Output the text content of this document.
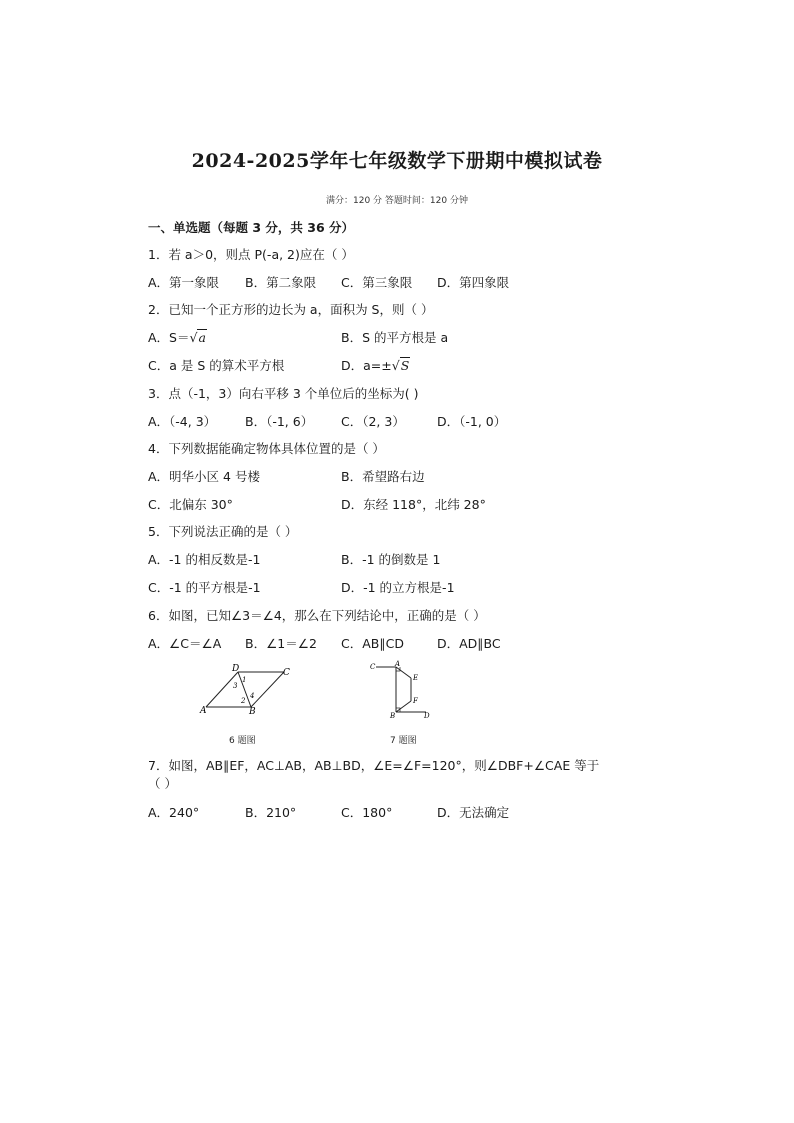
2024-2025学年七年级数学下册期中模拟试卷
满分：120 分 答题时间：120 分钟
一、单选题（每题 3 分，共 36 分）
1．若 a＞0，则点 P(-a, 2)应在（ ）
A．第一象限 B．第二象限 C．第三象限 D．第四象限
2．已知一个正方形的边长为 a，面积为 S，则（ ）
A．S＝√a	B．S 的平方根是 a
C．a 是 S 的算术平方根	D．a=±√S
3．点（-1，3）向右平移 3 个单位后的坐标为( )
A．（-4, 3） B．（-1, 6） C．（2, 3）	D．（-1, 0）
4．下列数据能确定物体具体位置的是（ ）
A．明华小区 4 号楼	B．希望路右边
C．北偏东 30°	D．东经 118°，北纬 28°
5．下列说法正确的是（ ）
A．-1 的相反数是-1	B．-1 的倒数是 1
C．-1 的平方根是-1	D．-1 的立方根是-1
6．如图，已知∠3＝∠4，那么在下列结论中，正确的是（ ）
A．∠C＝∠A B．∠1＝∠2 C．AB∥CD	D．AD∥BC
D	C
A	B
1
3
2
4
6 题图
C	A
E
F
B	D
7 题图
7．如图，AB∥EF，AC⊥AB，AB⊥BD，∠E=∠F=120°，则∠DBF+∠CAE 等于
（ ）
A．240°	B．210°	C．180°	D．无法确定
